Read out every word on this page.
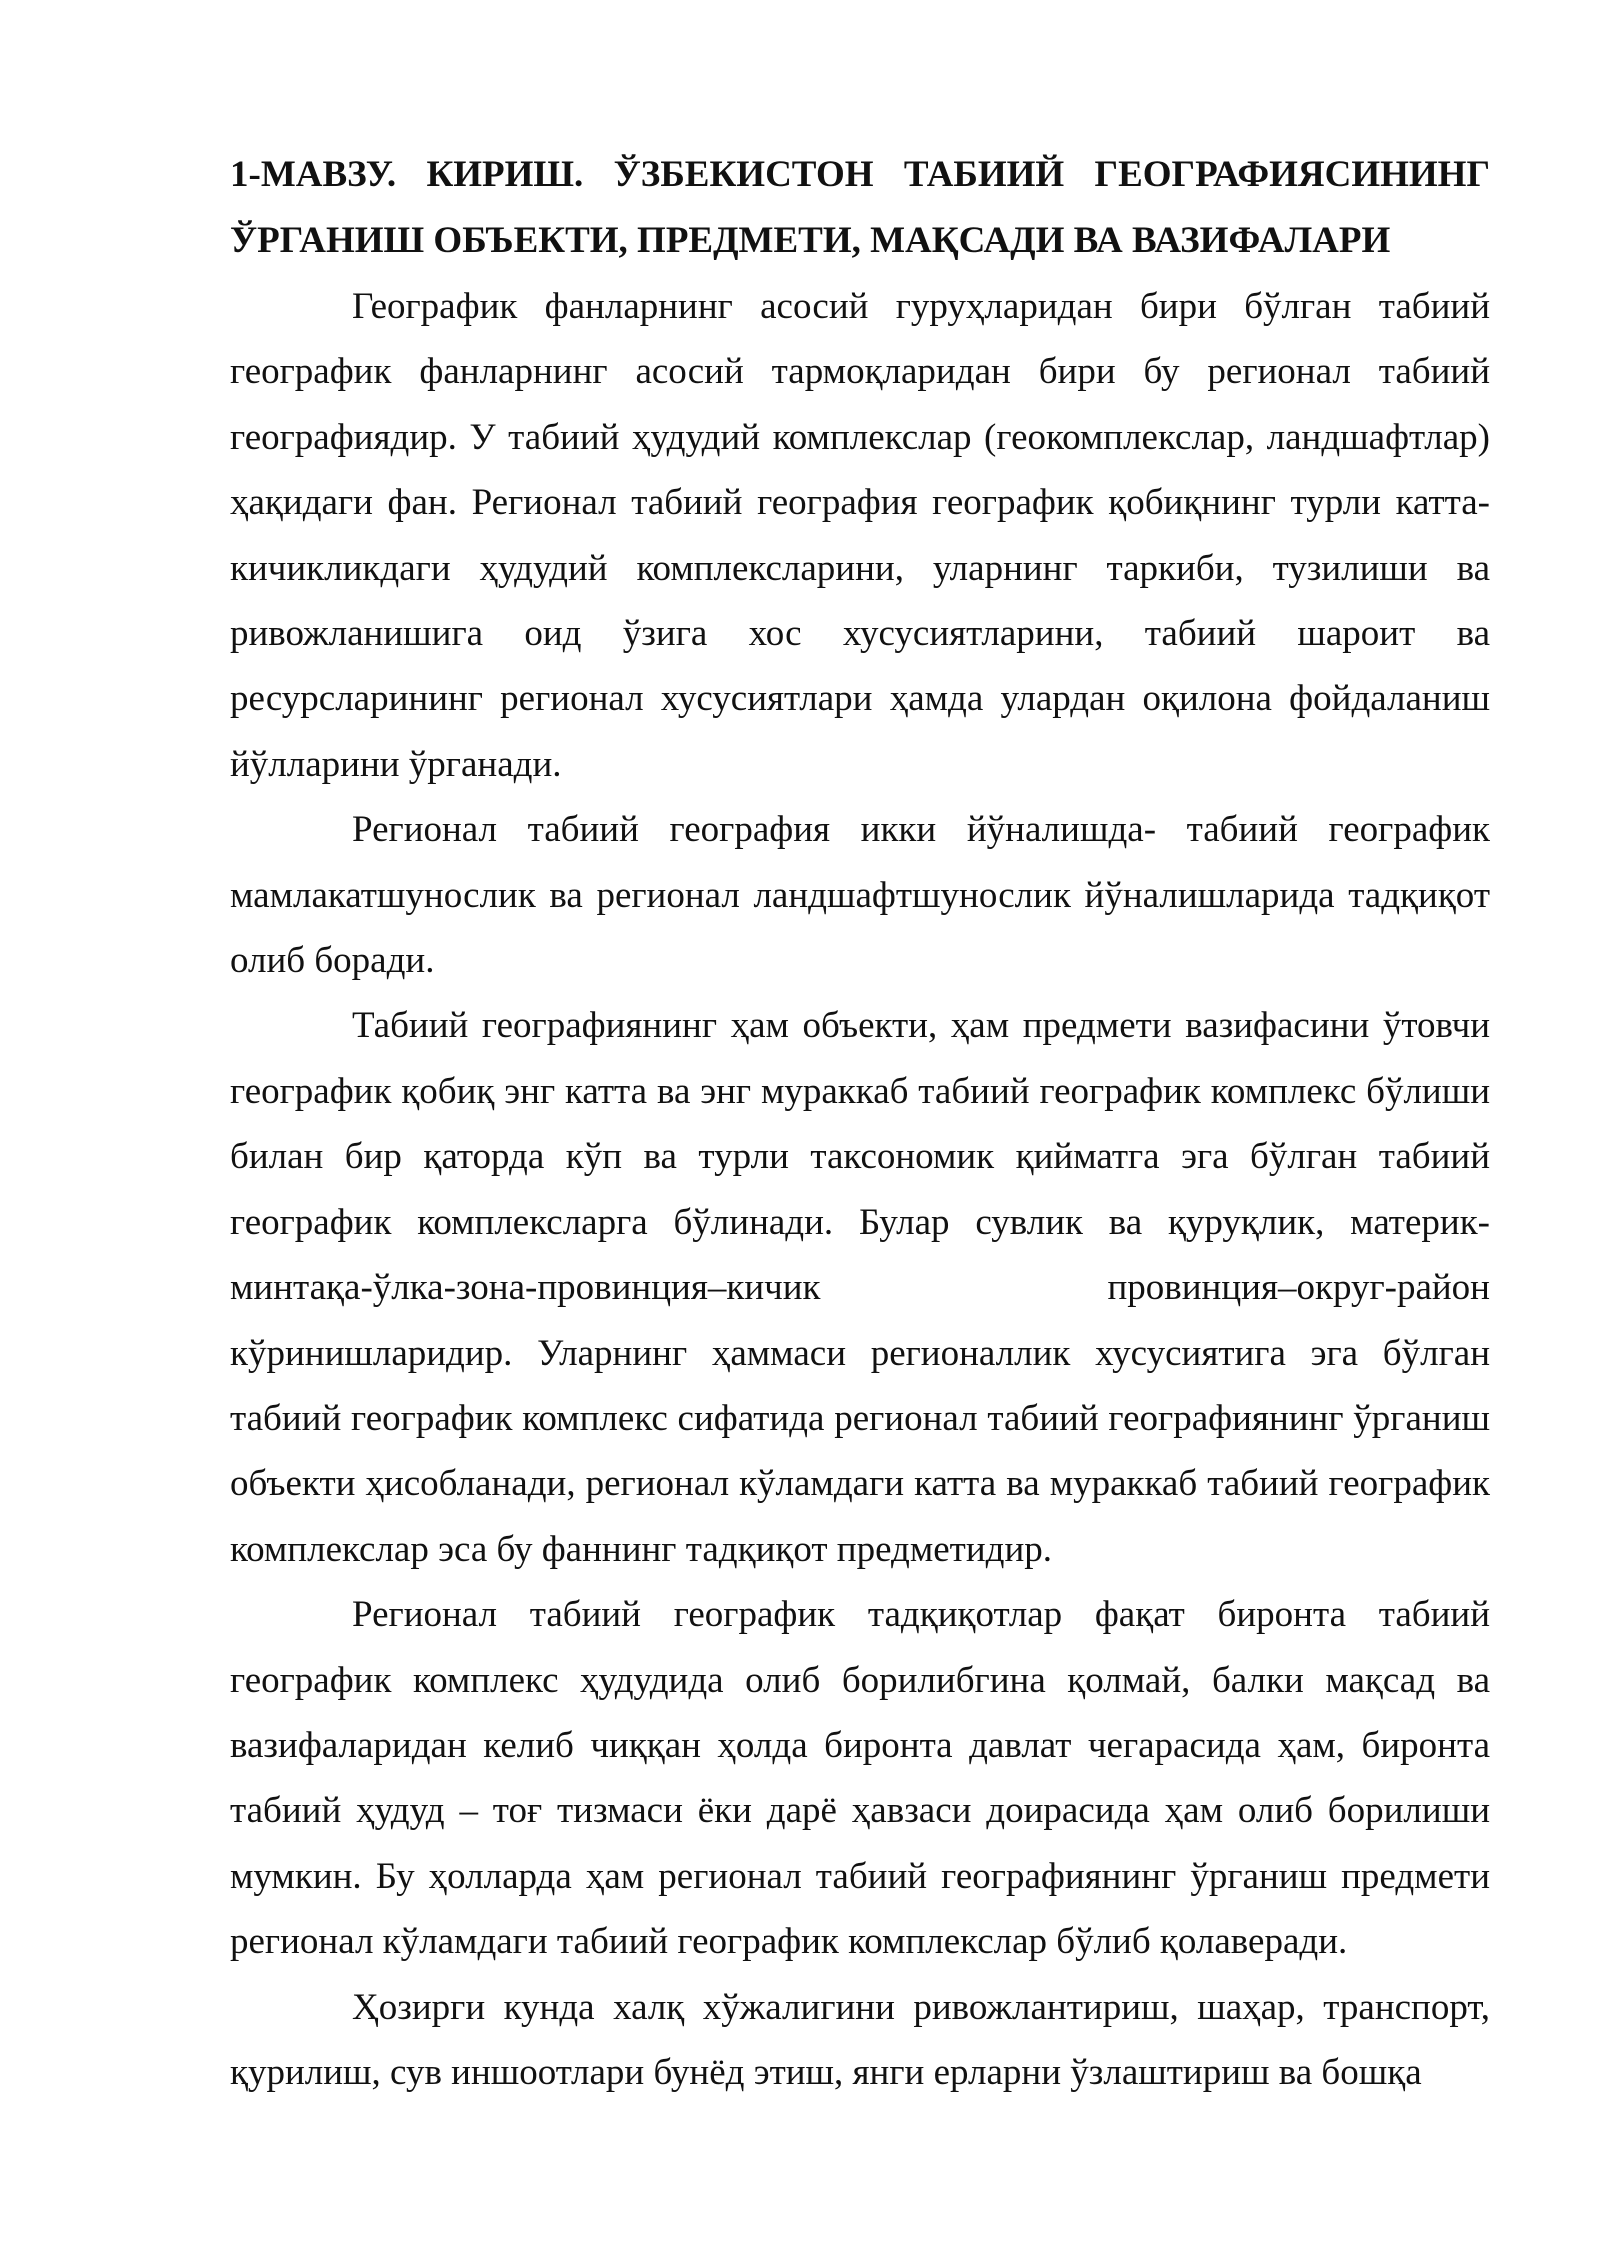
1-МАВЗУ. КИРИШ. ЎЗБЕКИСТОН ТАБИИЙ ГЕОГРАФИЯСИНИНГ

ЎРГАНИШ ОБЪЕКТИ, ПРЕДМЕТИ, МАҚСАДИ ВА ВАЗИФАЛАРИ

Географик фанларнинг асосий гуруҳларидан бири бўлган табиий географик фанларнинг асосий тармоқларидан бири бу регионал табиий географиядир. У табиий ҳудудий комплекслар (геокомплекслар, ландшафтлар) ҳақидаги фан. Регионал табиий география географик қобиқнинг турли катта-кичикликдаги ҳудудий комплексларини, уларнинг таркиби, тузилиши ва ривожланишига оид ўзига хос хусусиятларини, табиий шароит ва ресурсларининг регионал хусусиятлари ҳамда улардан оқилона фойдаланиш йўлларини ўрганади.

Регионал табиий география икки йўналишда- табиий географик мамлакатшунослик ва регионал ландшафтшунослик йўналишларида тадқиқот олиб боради.

Табиий географиянинг ҳам объекти, ҳам предмети вазифасини ўтовчи географик қобиқ энг катта ва энг мураккаб табиий географик комплекс бўлиши билан бир қаторда кўп ва турли таксономик қийматга эга бўлган табиий географик комплексларга бўлинади. Булар сувлик ва қуруқлик, материк-минтақа-ўлка-зона-провинция–кичик провинция–округ-район кўринишларидир. Уларнинг ҳаммаси регионаллик хусусиятига эга бўлган табиий географик комплекс сифатида регионал табиий географиянинг ўрганиш объекти ҳисобланади, регионал кўламдаги катта ва мураккаб табиий географик комплекслар эса бу фаннинг тадқиқот предметидир.

Регионал табиий географик тадқиқотлар фақат биронта табиий географик комплекс ҳудудида олиб борилибгина қолмай, балки мақсад ва вазифаларидан келиб чиққан ҳолда биронта давлат чегарасида ҳам, биронта табиий ҳудуд – тоғ тизмаси ёки дарё ҳавзаси доирасида ҳам олиб борилиши мумкин. Бу ҳолларда ҳам регионал табиий географиянинг ўрганиш предмети регионал кўламдаги табиий географик комплекслар бўлиб қолаверади.

Ҳозирги кунда халқ хўжалигини ривожлантириш, шаҳар, транспорт, қурилиш, сув иншоотлари бунёд этиш, янги ерларни ўзлаштириш ва бошқа
